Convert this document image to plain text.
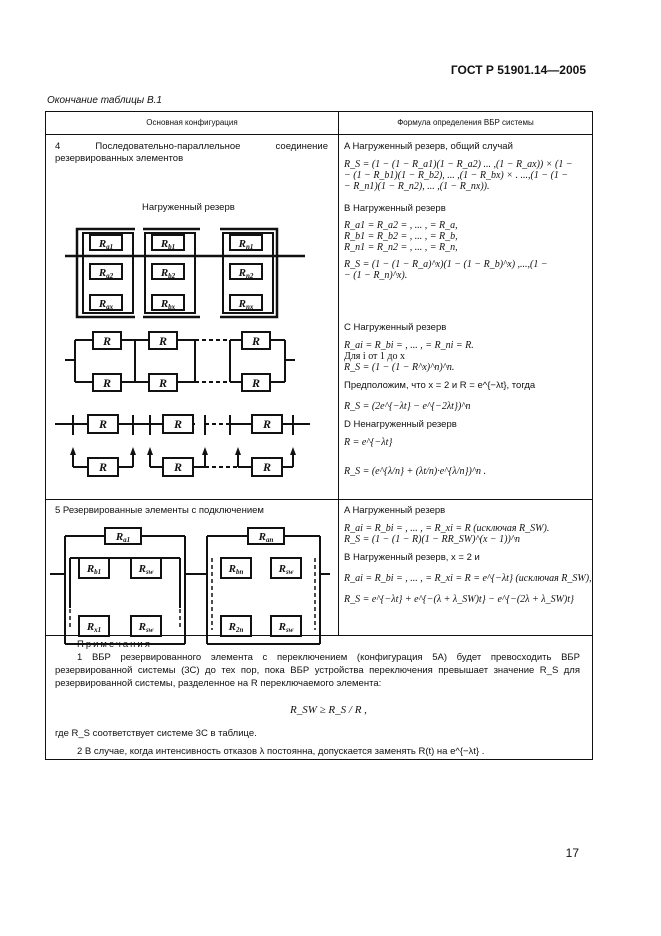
ГОСТ Р 51901.14—2005
Окончание таблицы В.1
Основная конфигурация	Формула определения ВБР системы
4 Последовательно-параллельное соединение резервированных элементов
Нагруженный резерв
Ra1
Ra2
Rax
Rb1
Rb2
Rbx
Rn1
Rn2
Rnx
R
R
R
R
R
R
R	R	R
R	R	R
A Нагруженный резерв, общий случай
R_S = (1 − (1 − R_a1)(1 − R_a2) ... ,(1 − R_ax)) × (1 −
− (1 − R_b1)(1 − R_b2), ... ,(1 − R_bx) × . ...,(1 − (1 −
− R_n1)(1 − R_n2), ... ,(1 − R_nx)).
B Нагруженный резерв
R_a1 = R_a2 = , ... , = R_a,
R_b1 = R_b2 = , ... , = R_b,
R_n1 = R_n2 = , ... , = R_n,
R_S = (1 − (1 − R_a)^x)(1 − (1 − R_b)^x) ,...,(1 −
− (1 − R_n)^x).
C Нагруженный резерв
R_ai = R_bi = , ... , = R_ni = R.
Для i от 1 до x
R_S = (1 − (1 − R^x)^n)^n.
Предположим, что x = 2 и R = e^{−λt}, тогда
R_S = (2e^{−λt} − e^{−2λt})^n
D Ненагруженный резерв
R = e^{−λt}
R_S = (e^{λ/n} + (λt/n)·e^{λ/n})^n .
5 Резервированные элементы с подключением
Ra1
Rb1	Rsw
Rx1	Rsw
Ran
Rbn	Rsw
R2n	Rsw
A Нагруженный резерв
R_ai = R_bi = , ... , = R_xi = R (исключая R_SW).
R_S = (1 − (1 − R)(1 − RR_SW)^(x − 1))^n
B Нагруженный резерв, x = 2 и
R_ai = R_bi = , ... , = R_xi = R = e^{−λt} (исключая R_SW),
R_S = e^{−λt} + e^{−(λ + λ_SW)t} − e^{−(2λ + λ_SW)t}
Примечания
1 ВБР резервированного элемента с переключением (конфигурация 5А) будет превосходить ВБР резервированной системы (3С) до тех пор, пока ВБР устройства переключения превышает значение R_S для резервированной системы, разделенное на R переключаемого элемента:
R_SW ≥ R_S / R ,
где R_S соответствует системе 3С в таблице.
2 В случае, когда интенсивность отказов λ постоянна, допускается заменять R(t) на e^{−λt} .
17
